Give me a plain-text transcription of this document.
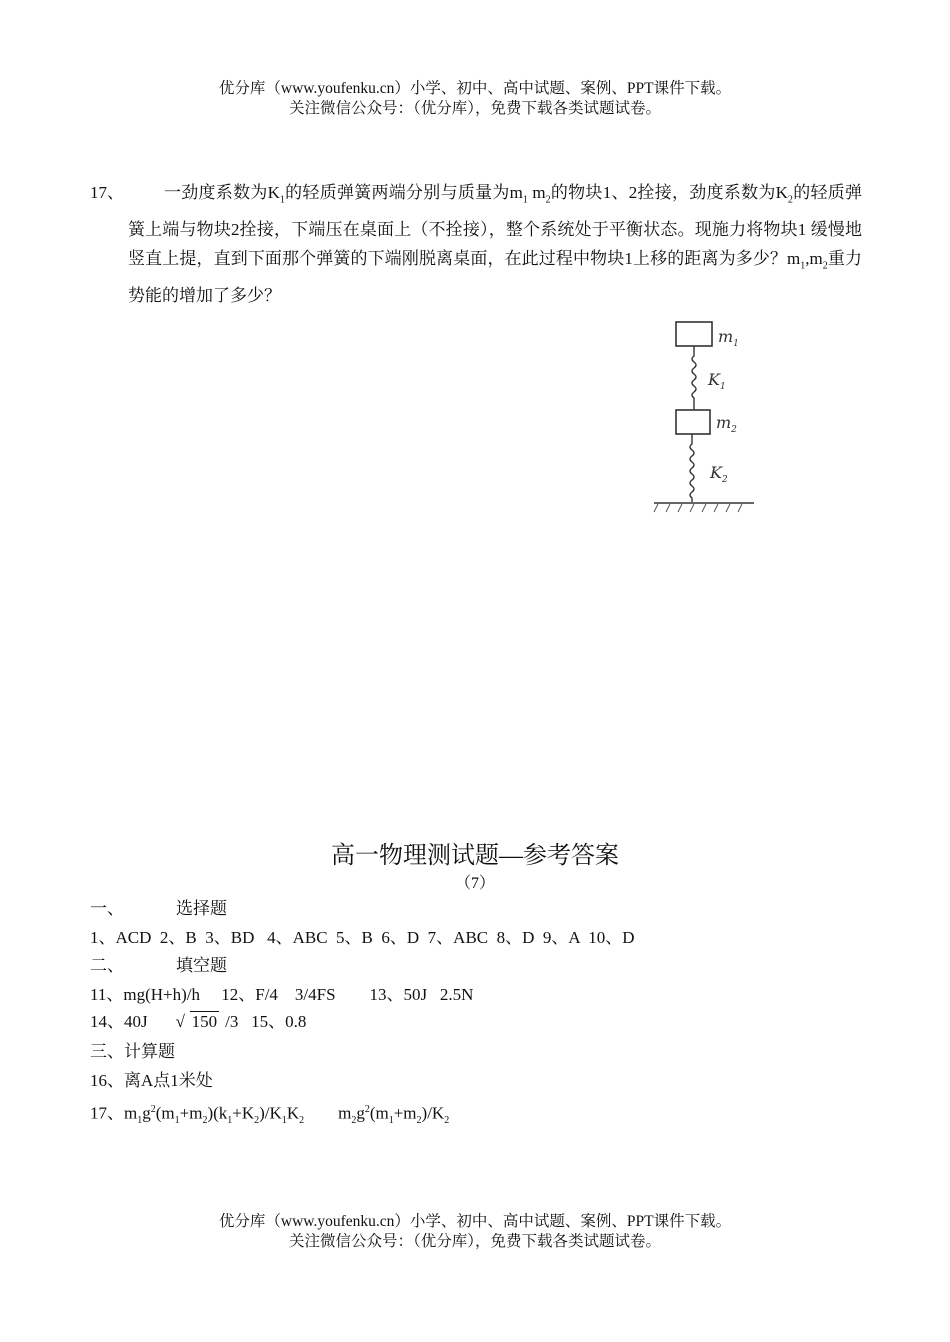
优分库（www.youfenku.cn）小学、初中、高中试题、案例、PPT课件下载。
关注微信公众号：（优分库），免费下载各类试题试卷。
17、	一劲度系数为$K_1$的轻质弹簧两端分别与质量为$m_1$ $m_2$的物块1、2拴接，劲度系数为$K_2$的轻质弹簧上端与物块2拴接，下端压在桌面上（不拴接），整个系统处于平衡状态。现施力将物块1 缓慢地竖直上提，直到下面那个弹簧的下端刚脱离桌面，在此过程中物块1上移的距离为多少？$m_1,m_2$重力势能的增加了多少？
$m_1$
$K_1$
$m_2$
$K_2$
高一物理测试题—参考答案
（7）
一、	选择题
1、ACD  2、B  3、BD   4、ABC  5、B  6、D  7、ABC  8、D  9、A  10、D
二、	填空题
11、mg(H+h)/h     12、F/4    3/4FS        13、50J   2.5N
14、40J √ 150 /3   15、0.8
三、计算题
16、离A点1米处
17、$m_1g^2(m_1+m_2)(k_1+K_2)/K_1K_2$ $m_2g^2(m_1+m_2)/K_2$
优分库（www.youfenku.cn）小学、初中、高中试题、案例、PPT课件下载。
关注微信公众号：（优分库），免费下载各类试题试卷。
